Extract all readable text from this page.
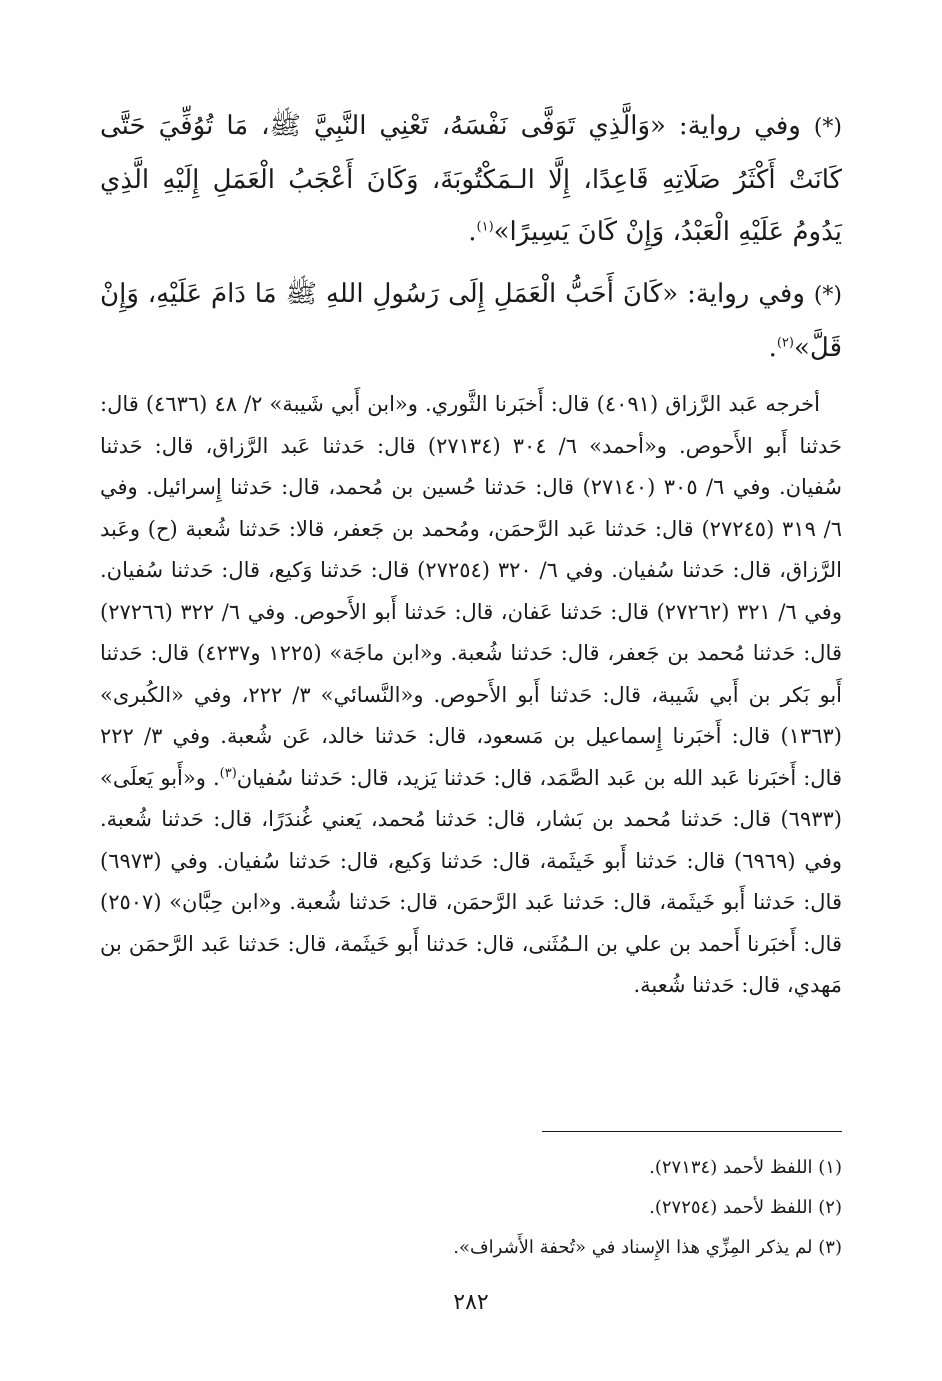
(*) وفي رواية: «وَالَّذِي تَوَفَّى نَفْسَهُ، تَعْنِي النَّبِيَّ ﷺ، مَا تُوُفِّيَ حَتَّى كَانَتْ أَكْثَرُ صَلَاتِهِ قَاعِدًا، إِلَّا الـمَكْتُوبَةَ، وَكَانَ أَعْجَبُ الْعَمَلِ إِلَيْهِ الَّذِي يَدُومُ عَلَيْهِ الْعَبْدُ، وَإِنْ كَانَ يَسِيرًا»$^{(١)}$.

(*) وفي رواية: «كَانَ أَحَبُّ الْعَمَلِ إِلَى رَسُولِ اللهِ ﷺ مَا دَامَ عَلَيْهِ، وَإِنْ قَلَّ»$^{(٢)}$.

أخرجه عَبد الرَّزاق (٤٠٩١) قال: أَخبَرنا الثَّوري. و«ابن أَبي شَيبة» ٢/ ٤٨ (٤٦٣٦) قال: حَدثنا أَبو الأَحوص. و«أحمد» ٦/ ٣٠٤ (٢٧١٣٤) قال: حَدثنا عَبد الرَّزاق، قال: حَدثنا سُفيان. وفي ٦/ ٣٠٥ (٢٧١٤٠) قال: حَدثنا حُسين بن مُحمد، قال: حَدثنا إِسرائيل. وفي ٦/ ٣١٩ (٢٧٢٤٥) قال: حَدثنا عَبد الرَّحمَن، ومُحمد بن جَعفر، قالا: حَدثنا شُعبة (ح) وعَبد الرَّزاق، قال: حَدثنا سُفيان. وفي ٦/ ٣٢٠ (٢٧٢٥٤) قال: حَدثنا وَكيع، قال: حَدثنا سُفيان. وفي ٦/ ٣٢١ (٢٧٢٦٢) قال: حَدثنا عَفان، قال: حَدثنا أَبو الأَحوص. وفي ٦/ ٣٢٢ (٢٧٢٦٦) قال: حَدثنا مُحمد بن جَعفر، قال: حَدثنا شُعبة. و«ابن ماجَة» (١٢٢٥ و٤٢٣٧) قال: حَدثنا أَبو بَكر بن أَبي شَيبة، قال: حَدثنا أَبو الأَحوص. و«النَّسائي» ٣/ ٢٢٢، وفي «الكُبرى» (١٣٦٣) قال: أَخبَرنا إِسماعيل بن مَسعود، قال: حَدثنا خالد، عَن شُعبة. وفي ٣/ ٢٢٢ قال: أَخبَرنا عَبد الله بن عَبد الصَّمَد، قال: حَدثنا يَزيد، قال: حَدثنا سُفيان$^{(٣)}$. و«أَبو يَعلَى» (٦٩٣٣) قال: حَدثنا مُحمد بن بَشار، قال: حَدثنا مُحمد، يَعني غُندَرًا، قال: حَدثنا شُعبة. وفي (٦٩٦٩) قال: حَدثنا أَبو خَيثَمة، قال: حَدثنا وَكيع، قال: حَدثنا سُفيان. وفي (٦٩٧٣) قال: حَدثنا أَبو خَيثَمة، قال: حَدثنا عَبد الرَّحمَن، قال: حَدثنا شُعبة. و«ابن حِبَّان» (٢٥٠٧) قال: أَخبَرنا أَحمد بن علي بن الـمُثَنى، قال: حَدثنا أَبو خَيثَمة، قال: حَدثنا عَبد الرَّحمَن بن مَهدي، قال: حَدثنا شُعبة.

(١) اللفظ لأحمد (٢٧١٣٤).

(٢) اللفظ لأحمد (٢٧٢٥٤).

(٣) لم يذكر المِزِّي هذا الإِسناد في «تُحفة الأَشراف».

٢٨٢
